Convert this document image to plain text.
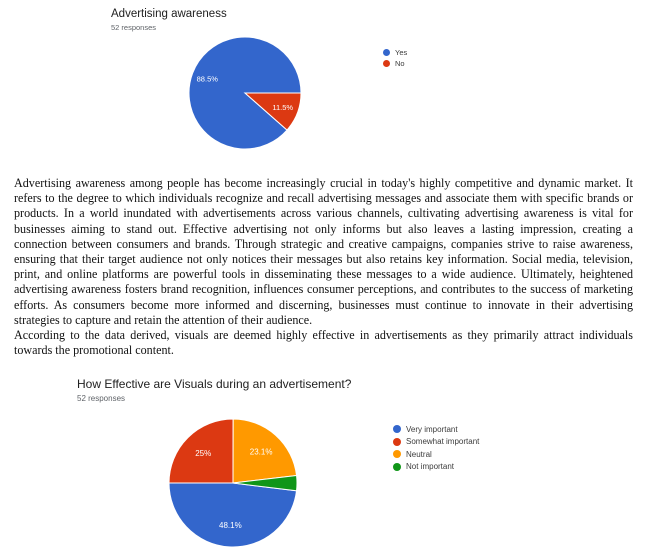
Advertising awareness
52 responses
88.5%
11.5%
Yes
No

Advertising awareness among people has become increasingly crucial in today's highly competitive and dynamic market. It refers to the degree to which individuals recognize and recall advertising messages and associate them with specific brands or products. In a world inundated with advertisements across various channels, cultivating advertising awareness is vital for businesses aiming to stand out. Effective advertising not only informs but also leaves a lasting impression, creating a connection between consumers and brands. Through strategic and creative campaigns, companies strive to raise awareness, ensuring that their target audience not only notices their messages but also retains key information. Social media, television, print, and online platforms are powerful tools in disseminating these messages to a wide audience. Ultimately, heightened advertising awareness fosters brand recognition, influences consumer perceptions, and contributes to the success of marketing efforts. As consumers become more informed and discerning, businesses must continue to innovate in their advertising strategies to capture and retain the attention of their audience.

According to the data derived, visuals are deemed highly effective in advertisements as they primarily attract individuals towards the promotional content.

How Effective are Visuals during an advertisement?
52 responses
48.1%
25%	23.1%
Very important
Somewhat important
Neutral
Not important
